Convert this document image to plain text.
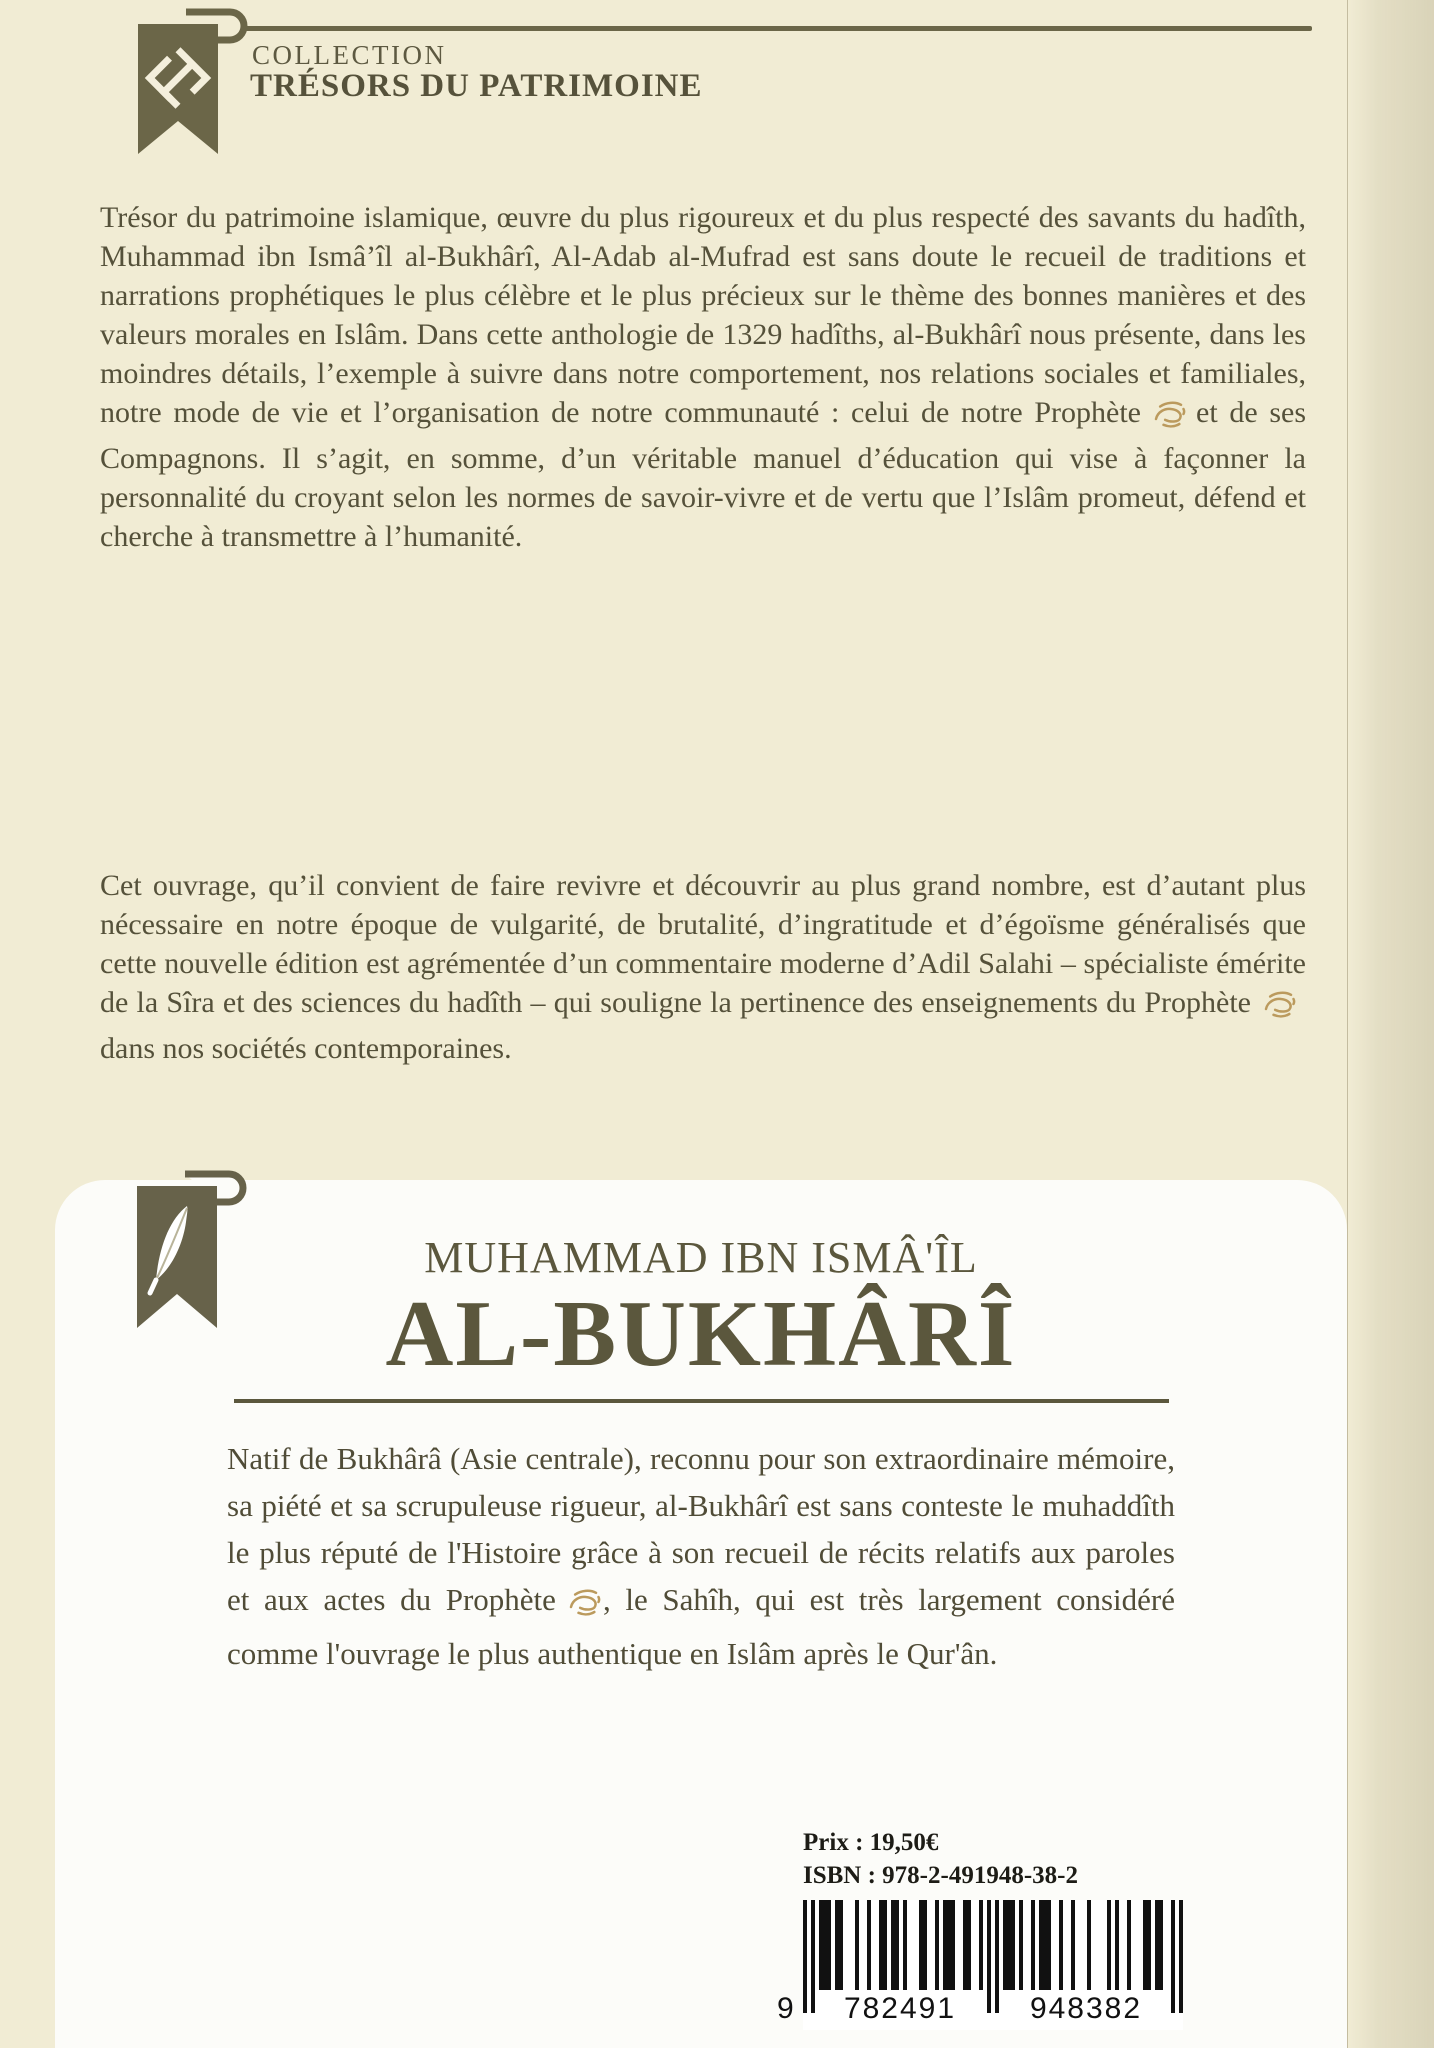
COLLECTION
TRÉSORS DU PATRIMOINE

Trésor du patrimoine islamique, œuvre du plus rigoureux et du plus respecté des savants du hadîth, Muhammad ibn Ismâ’îl al-Bukhârî, Al-Adab al-Mufrad est sans doute le recueil de traditions et narrations prophétiques le plus célèbre et le plus précieux sur le thème des bonnes manières et des valeurs morales en Islâm. Dans cette anthologie de 1329 hadîths, al-Bukhârî nous présente, dans les moindres détails, l’exemple à suivre dans notre comportement, nos relations sociales et familiales, notre mode de vie et l’organisation de notre communauté : celui de notre Prophète et de ses Compagnons. Il s’agit, en somme, d’un véritable manuel d’éducation qui vise à façonner la personnalité du croyant selon les normes de savoir-vivre et de vertu que l’Islâm promeut, défend et cherche à transmettre à l’humanité.

Cet ouvrage, qu’il convient de faire revivre et découvrir au plus grand nombre, est d’autant plus nécessaire en notre époque de vulgarité, de brutalité, d’ingratitude et d’égoïsme généralisés que cette nouvelle édition est agrémentée d’un commentaire moderne d’Adil Salahi – spécialiste émérite de la Sîra et des sciences du hadîth – qui souligne la pertinence des enseignements du Prophètedans nos sociétés contemporaines.

MUHAMMAD IBN ISMÂ'ÎL
AL-BUKHÂRÎ

Natif de Bukhârâ (Asie centrale), reconnu pour son extraordinaire mémoire, sa piété et sa scrupuleuse rigueur, al-Bukhârî est sans conteste le muhaddîth le plus réputé de l'Histoire grâce à son recueil de récits relatifs aux paroles et aux actes du Prophète , le Sahîh, qui est très largement considéré comme l'ouvrage le plus authentique en Islâm après le Qur'ân.

Prix : 19,50€
ISBN : 978-2-491948-38-2
9	782491	948382
